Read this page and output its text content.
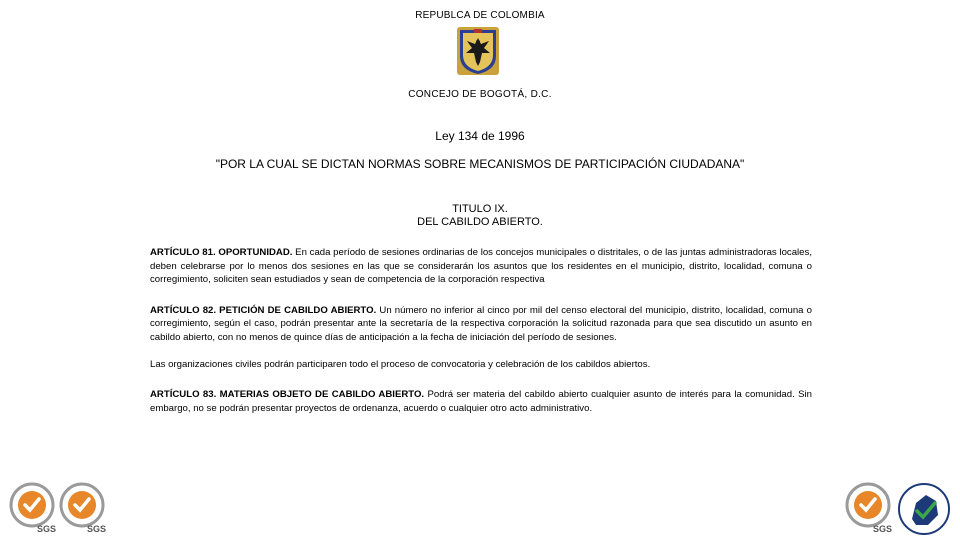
REPUBLCA DE COLOMBIA
CONCEJO DE BOGOTÁ, D.C.
Ley 134 de 1996
"POR LA CUAL SE DICTAN NORMAS SOBRE MECANISMOS DE PARTICIPACIÓN CIUDADANA"
TITULO IX.
DEL CABILDO ABIERTO.

ARTÍCULO 81. OPORTUNIDAD. En cada período de sesiones ordinarias de los concejos municipales o distritales, o de las juntas administradoras locales, deben celebrarse por lo menos dos sesiones en las que se considerarán los asuntos que los residentes en el municipio, distrito, localidad, comuna o corregimiento, soliciten sean estudiados y sean de competencia de la corporación respectiva

ARTÍCULO 82. PETICIÓN DE CABILDO ABIERTO. Un número no inferior al cinco por mil del censo electoral del municipio, distrito, localidad, comuna o corregimiento, según el caso, podrán presentar ante la secretaría de la respectiva corporación la solicitud razonada para que sea discutido un asunto en cabildo abierto, con no menos de quince días de anticipación a la fecha de iniciación del período de sesiones.

Las organizaciones civiles podrán participaren todo el proceso de convocatoria y celebración de los cabildos abiertos.

ARTÍCULO 83. MATERIAS OBJETO DE CABILDO ABIERTO. Podrá ser materia del cabildo abierto cualquier asunto de interés para la comunidad. Sin embargo, no se podrán presentar proyectos de ordenanza, acuerdo o cualquier otro acto administrativo.

SGS	SGS	SGS
